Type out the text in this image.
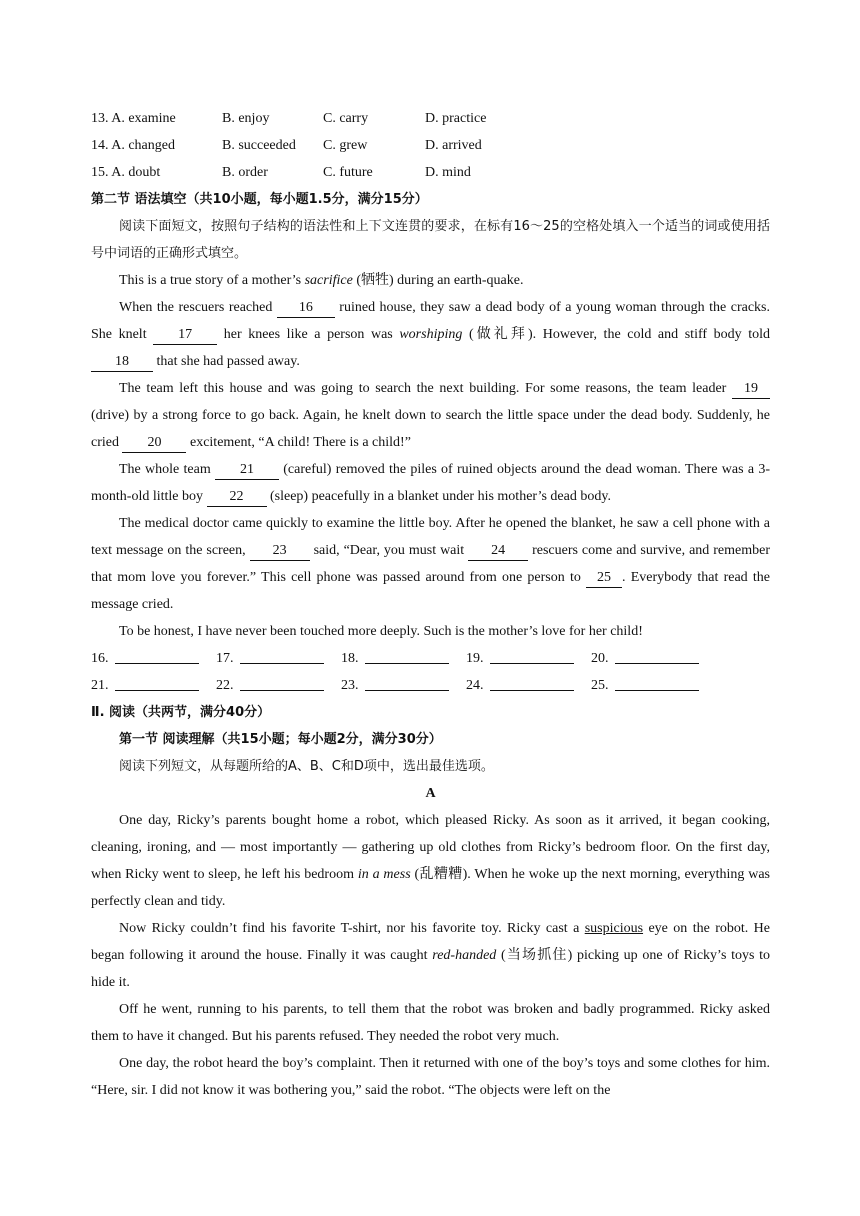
13. A. examine	B. enjoy	C. carry	D. practice
14. A. changed	B. succeeded C. grew	D. arrived
15. A. doubt	B. order	C. future	D. mind
第二节 语法填空（共10小题，每小题1.5分，满分15分）

阅读下面短文，按照句子结构的语法性和上下文连贯的要求，在标有16～25的空格处填入一个适当的词或使用括号中词语的正确形式填空。

This is a true story of a mother’s sacrifice (牺牲) during an earth-quake.

When the rescuers reached 16 ruined house, they saw a dead body of a young woman through the cracks. She knelt 17 her knees like a person was worshiping (做礼拜). However, the cold and stiff body told 18 that she had passed away.

The team left this house and was going to search the next building. For some reasons, the team leader 19 (drive) by a strong force to go back. Again, he knelt down to search the little space under the dead body. Suddenly, he cried 20 excitement, “A child! There is a child!”

The whole team 21 (careful) removed the piles of ruined objects around the dead woman. There was a 3-month-old little boy 22 (sleep) peacefully in a blanket under his mother’s dead body.

The medical doctor came quickly to examine the little boy. After he opened the blanket, he saw a cell phone with a text message on the screen, 23 said, “Dear, you must wait 24 rescuers come and survive, and remember that mom love you forever.” This cell phone was passed around from one person to 25 . Everybody that read the message cried.

To be honest, I have never been touched more deeply. Such is the mother’s love for her child!

16.	17.	18.	19.	20.
21.	22.	23.	24.	25.
Ⅱ. 阅读（共两节，满分40分）
第一节 阅读理解（共15小题；每小题2分，满分30分）
阅读下列短文，从每题所给的A、B、C和D项中，选出最佳选项。
A

One day, Ricky’s parents bought home a robot, which pleased Ricky. As soon as it arrived, it began cooking, cleaning, ironing, and — most importantly — gathering up old clothes from Ricky’s bedroom floor. On the first day, when Ricky went to sleep, he left his bedroom in a mess (乱糟糟). When he woke up the next morning, everything was perfectly clean and tidy.

Now Ricky couldn’t find his favorite T-shirt, nor his favorite toy. Ricky cast a suspicious eye on the robot. He began following it around the house. Finally it was caught red-handed (当场抓住) picking up one of Ricky’s toys to hide it.

Off he went, running to his parents, to tell them that the robot was broken and badly programmed. Ricky asked them to have it changed. But his parents refused. They needed the robot very much.

One day, the robot heard the boy’s complaint. Then it returned with one of the boy’s toys and some clothes for him. “Here, sir. I did not know it was bothering you,” said the robot. “The objects were left on the
